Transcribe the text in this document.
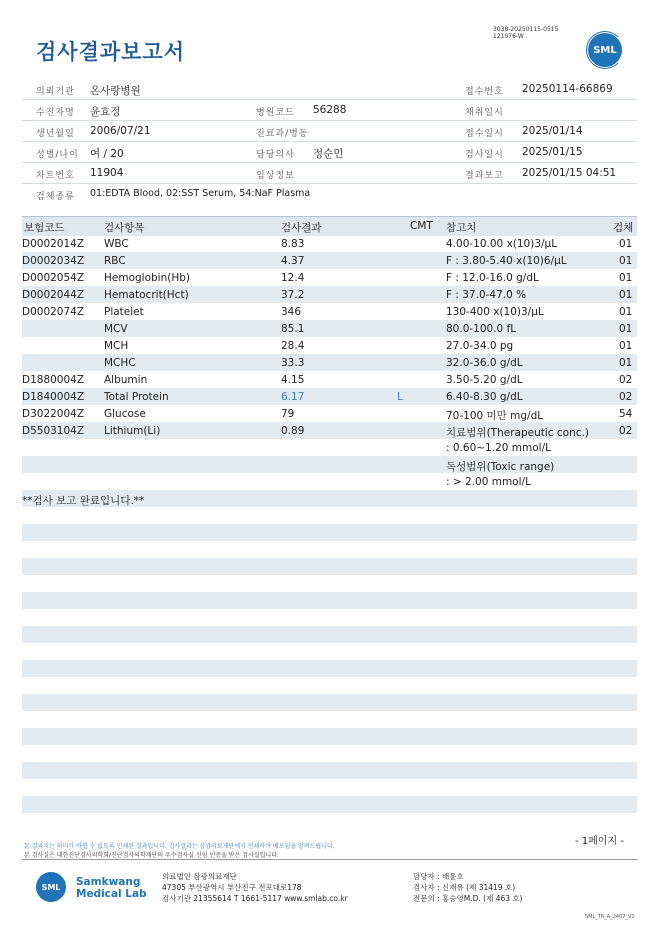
검사결과보고서
3038-20250115-0515
121076-W
SML
의뢰기관 온사랑병원	접수번호 20250114-66869
수진자명 윤효정	병원코드 56288	채취일시
생년월일 2006/07/21	진료과/병동	접수일시 2025/01/14
성별/나이 여 / 20	담당의사 정순민	검사일시 2025/01/15
차트번호 11904	임상정보	결과보고 2025/01/15 04:51
검체종류 01:EDTA Blood, 02:SST Serum, 54:NaF Plasma
보험코드	검사항목	검사결과	CMT 참고치	검체
D0002014Z WBC	8.83	4.00-10.00 x(10)3/μL	01
D0002034Z RBC	4.37	F : 3.80-5.40 x(10)6/μL	01
D0002054Z Hemoglobin(Hb)	12.4	F : 12.0-16.0 g/dL	01
D0002044Z Hematocrit(Hct)	37.2	F : 37.0-47.0 %	01
D0002074Z Platelet	346	130-400 x(10)3/μL	01
MCV	85.1	80.0-100.0 fL	01
MCH	28.4	27.0-34.0 pg	01
MCHC	33.3	32.0-36.0 g/dL	01
D1880004Z Albumin	4.15	3.50-5.20 g/dL	02
D1840004Z Total Protein	6.17	L	6.40-8.30 g/dL	02
D3022004Z Glucose	79	70-100 미만 mg/dL	54
D5503104Z Lithium(Li)	0.89	치료범위(Therapeutic conc.)	02
: 0.60~1.20 mmol/L
독성범위(Toxic range)
: > 2.00 mmol/L
**검사 보고 완료입니다.**
- 1페이지 -
본 결과지는 의미가 바뀔 수 없도록 인쇄된 결과입니다. 검사결과는 삼광의료재단에서 인쇄하여 배포됨을 알려드립니다.
본 검사실은 대한진단검사의학회/진단검사의학재단의 우수검사실 신임 인증을 받은 검사실입니다.
SML	Samkwang
Medical Lab
의료법인 삼광의료재단
47305 부산광역시 부산진구 전포대로178
검사기관 21355614 T 1661-5117 www.smlab.co.kr
담당자 : 배윤호
검사자 : 신재유 (제 31419 호)
전문의 : 홍승영M.D. (제 463 호)
SML_TR_A_2407_V1
